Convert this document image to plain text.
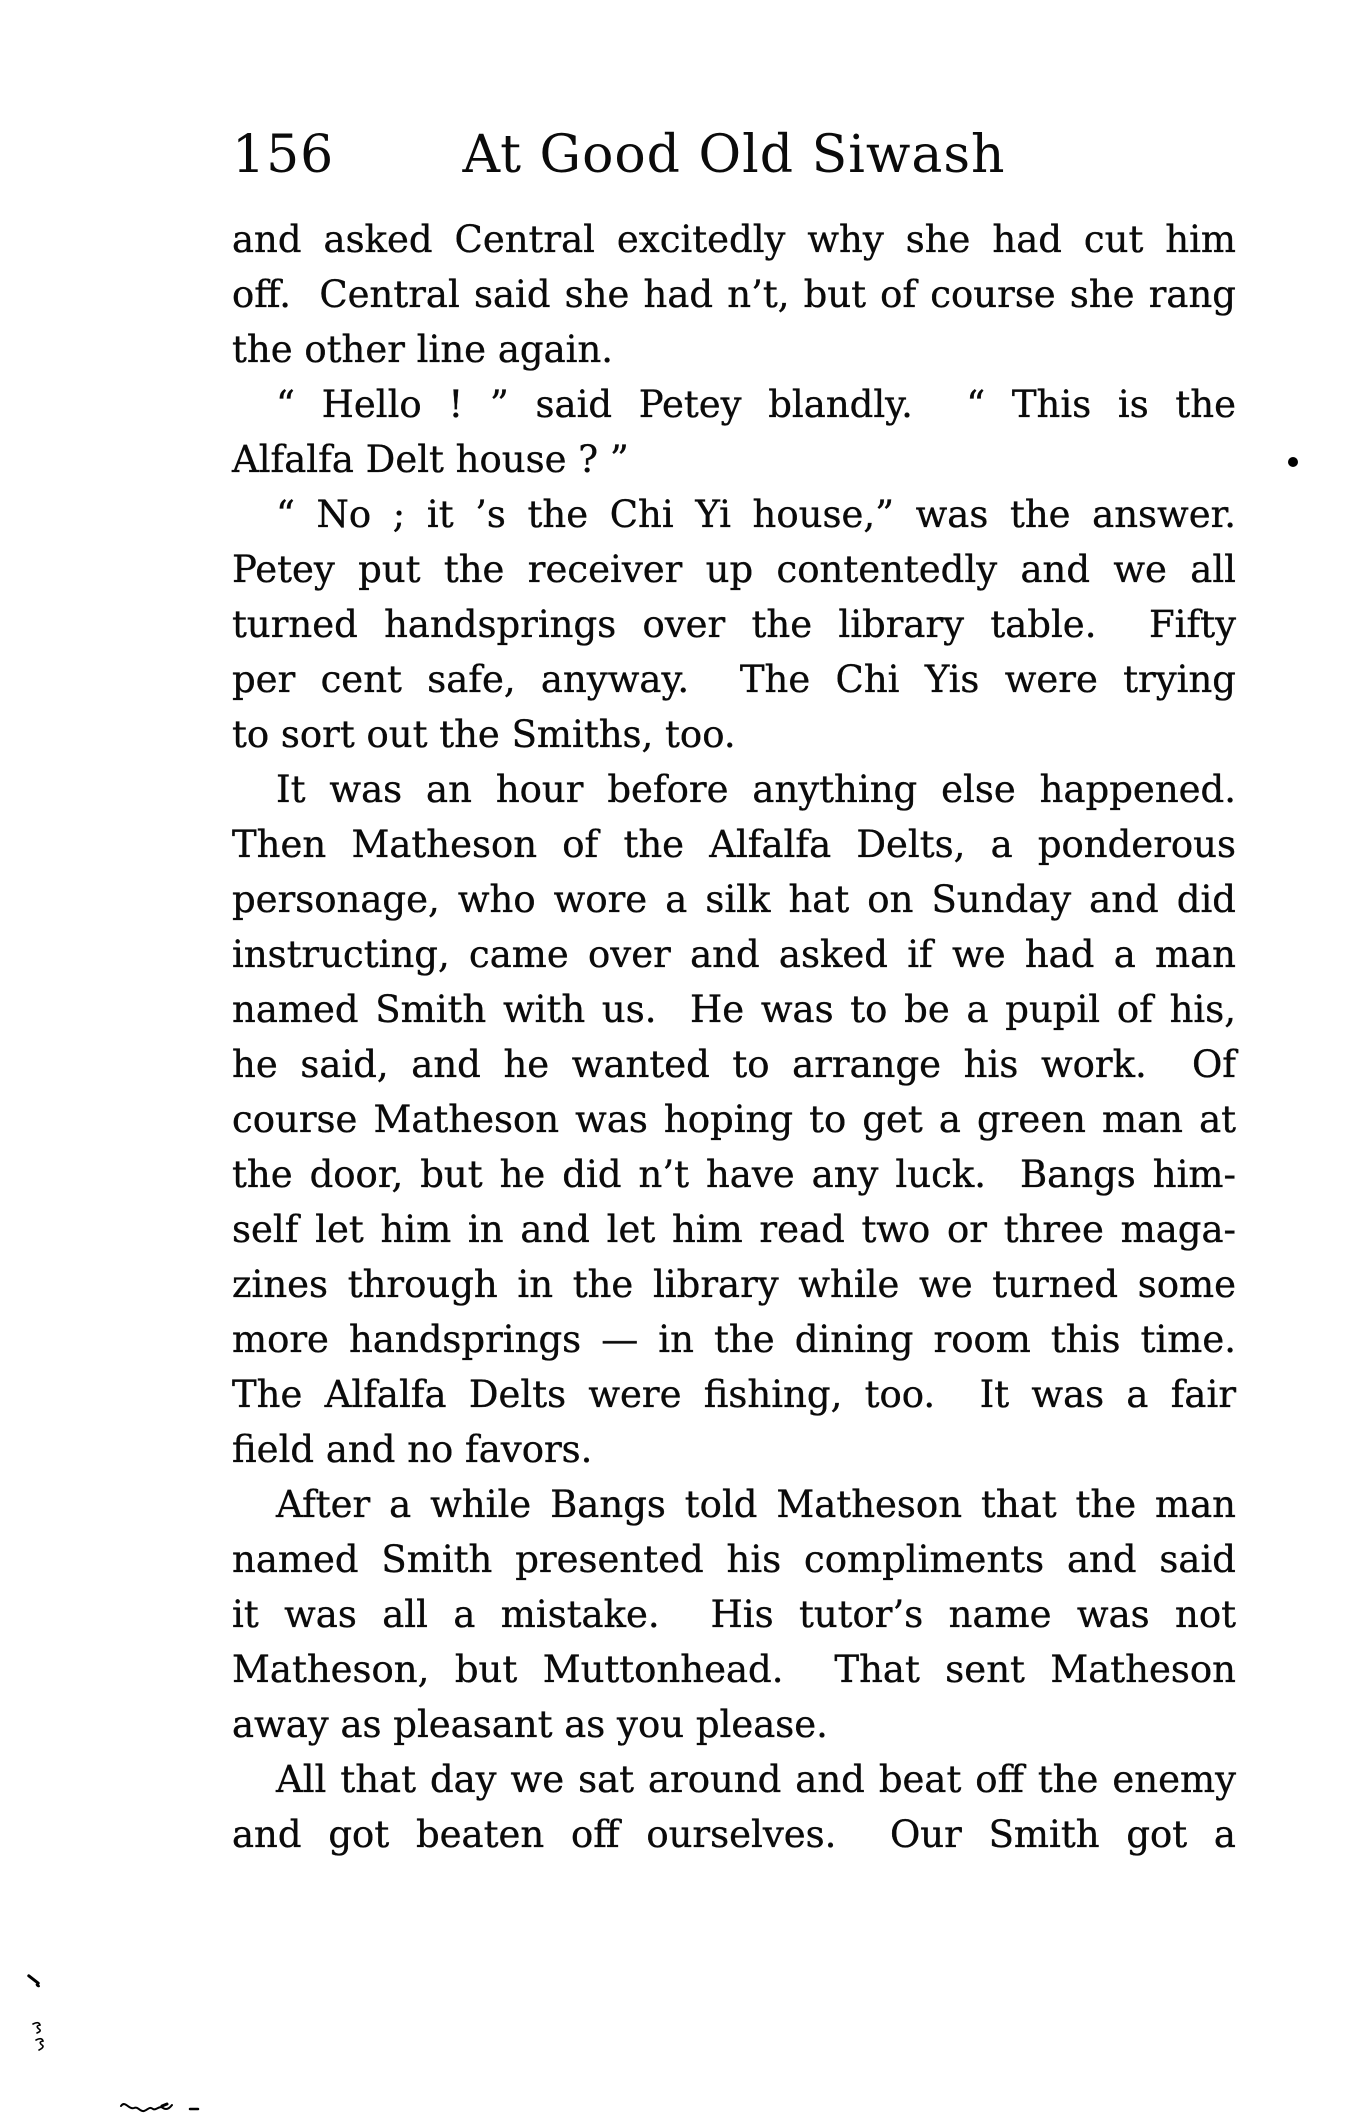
156	At Good Old Siwash
and asked Central excitedly why she had cut him
off.  Central said she had n’t, but of course she rang
the other line again.
“ Hello ! ” said Petey blandly.  “ This is the
Alfalfa Delt house ? ”
“ No ; it ’s the Chi Yi house,” was the answer.
Petey put the receiver up contentedly and we all
turned handsprings over the library table.  Fifty
per cent safe, anyway.  The Chi Yis were trying
to sort out the Smiths, too.
It was an hour before anything else happened.
Then Matheson of the Alfalfa Delts, a ponderous
personage, who wore a silk hat on Sunday and did
instructing, came over and asked if we had a man
named Smith with us.  He was to be a pupil of his,
he said, and he wanted to arrange his work.  Of
course Matheson was hoping to get a green man at
the door, but he did n’t have any luck.  Bangs him-
self let him in and let him read two or three maga-
zines through in the library while we turned some
more handsprings — in the dining room this time.
The Alfalfa Delts were fishing, too.  It was a fair
field and no favors.
After a while Bangs told Matheson that the man
named Smith presented his compliments and said
it was all a mistake.  His tutor’s name was not
Matheson, but Muttonhead.  That sent Matheson
away as pleasant as you please.
All that day we sat around and beat off the enemy
and got beaten off ourselves.  Our Smith got a
